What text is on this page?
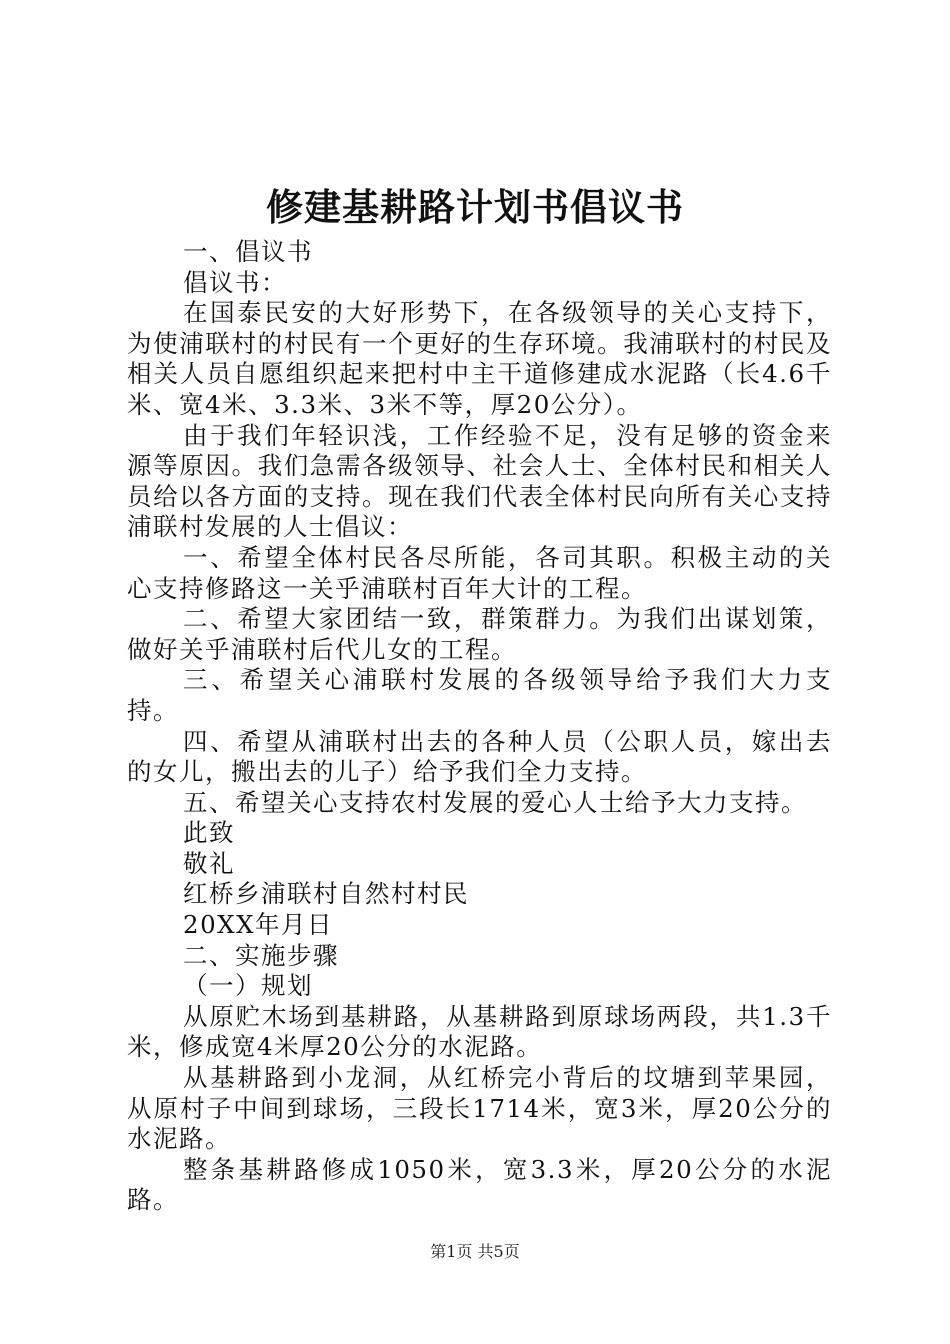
修建基耕路计划书倡议书

一、倡议书

倡议书：

在国泰民安的大好形势下，在各级领导的关心支持下，为使浦联村的村民有一个更好的生存环境。我浦联村的村民及相关人员自愿组织起来把村中主干道修建成水泥路（长4.6千米、宽4米、3.3米、3米不等，厚20公分）。

由于我们年轻识浅，工作经验不足，没有足够的资金来源等原因。我们急需各级领导、社会人士、全体村民和相关人员给以各方面的支持。现在我们代表全体村民向所有关心支持浦联村发展的人士倡议：

一、希望全体村民各尽所能，各司其职。积极主动的关心支持修路这一关乎浦联村百年大计的工程。

二、希望大家团结一致，群策群力。为我们出谋划策，做好关乎浦联村后代儿女的工程。

三、希望关心浦联村发展的各级领导给予我们大力支持。

四、希望从浦联村出去的各种人员（公职人员，嫁出去的女儿，搬出去的儿子）给予我们全力支持。

五、希望关心支持农村发展的爱心人士给予大力支持。

此致

敬礼

红桥乡浦联村自然村村民

20XX年月日

二、实施步骤

（一）规划

从原贮木场到基耕路，从基耕路到原球场两段，共1.3千米，修成宽4米厚20公分的水泥路。

从基耕路到小龙洞，从红桥完小背后的坟塘到苹果园，从原村子中间到球场，三段长1714米，宽3米，厚20公分的水泥路。

整条基耕路修成1050米，宽3.3米，厚20公分的水泥路。

第1页 共5页
